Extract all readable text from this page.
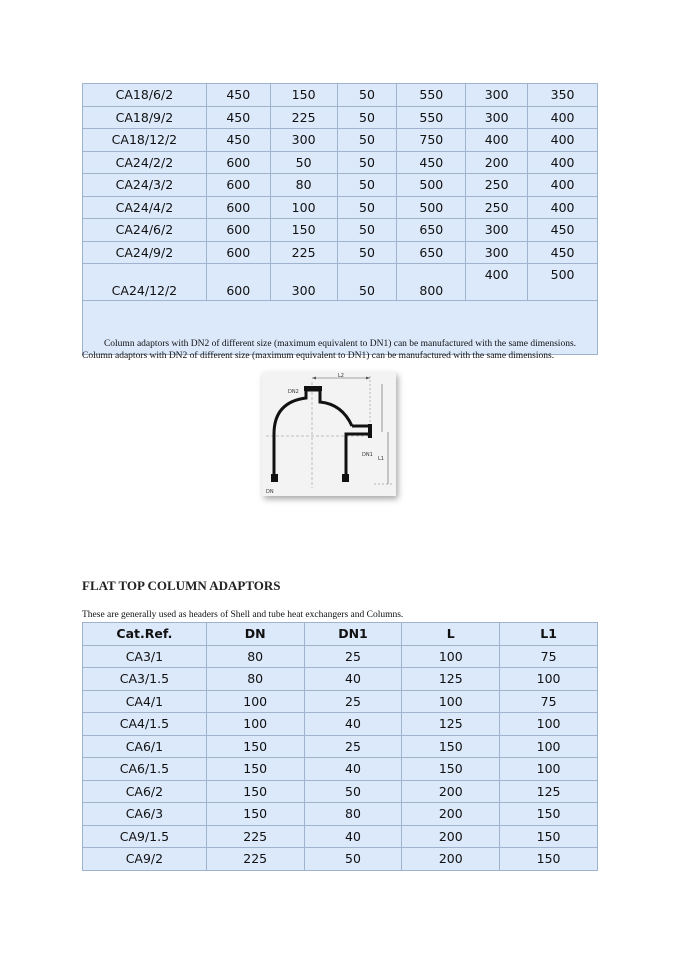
CA18/6/2	450	150	50	550	300	350
CA18/9/2	450	225	50	550	300	400
CA18/12/2	450	300	50	750	400	400
CA24/2/2	600	50	50	450	200	400
CA24/3/2	600	80	50	500	250	400
CA24/4/2	600	100	50	500	250	400
CA24/6/2	600	150	50	650	300	450
CA24/9/2	600	225	50	650	300	450
CA24/12/2	600	300	50	800	400	500
Column adaptors with DN2 of different size (maximum equivalent to DN1) can be manufactured with the same dimensions.						
Column adaptors with DN2 of different size (maximum equivalent to DN1) can be manufactured with the same dimensions.
DN2
L2
DN1
L1
DN
FLAT TOP COLUMN ADAPTORS
These are generally used as headers of Shell and tube heat exchangers and Columns.
Cat.Ref.	DN	DN1	L	L1
CA3/1	80	25	100	75
CA3/1.5	80	40	125	100
CA4/1	100	25	100	75
CA4/1.5	100	40	125	100
CA6/1	150	25	150	100
CA6/1.5	150	40	150	100
CA6/2	150	50	200	125
CA6/3	150	80	200	150
CA9/1.5	225	40	200	150
CA9/2	225	50	200	150
